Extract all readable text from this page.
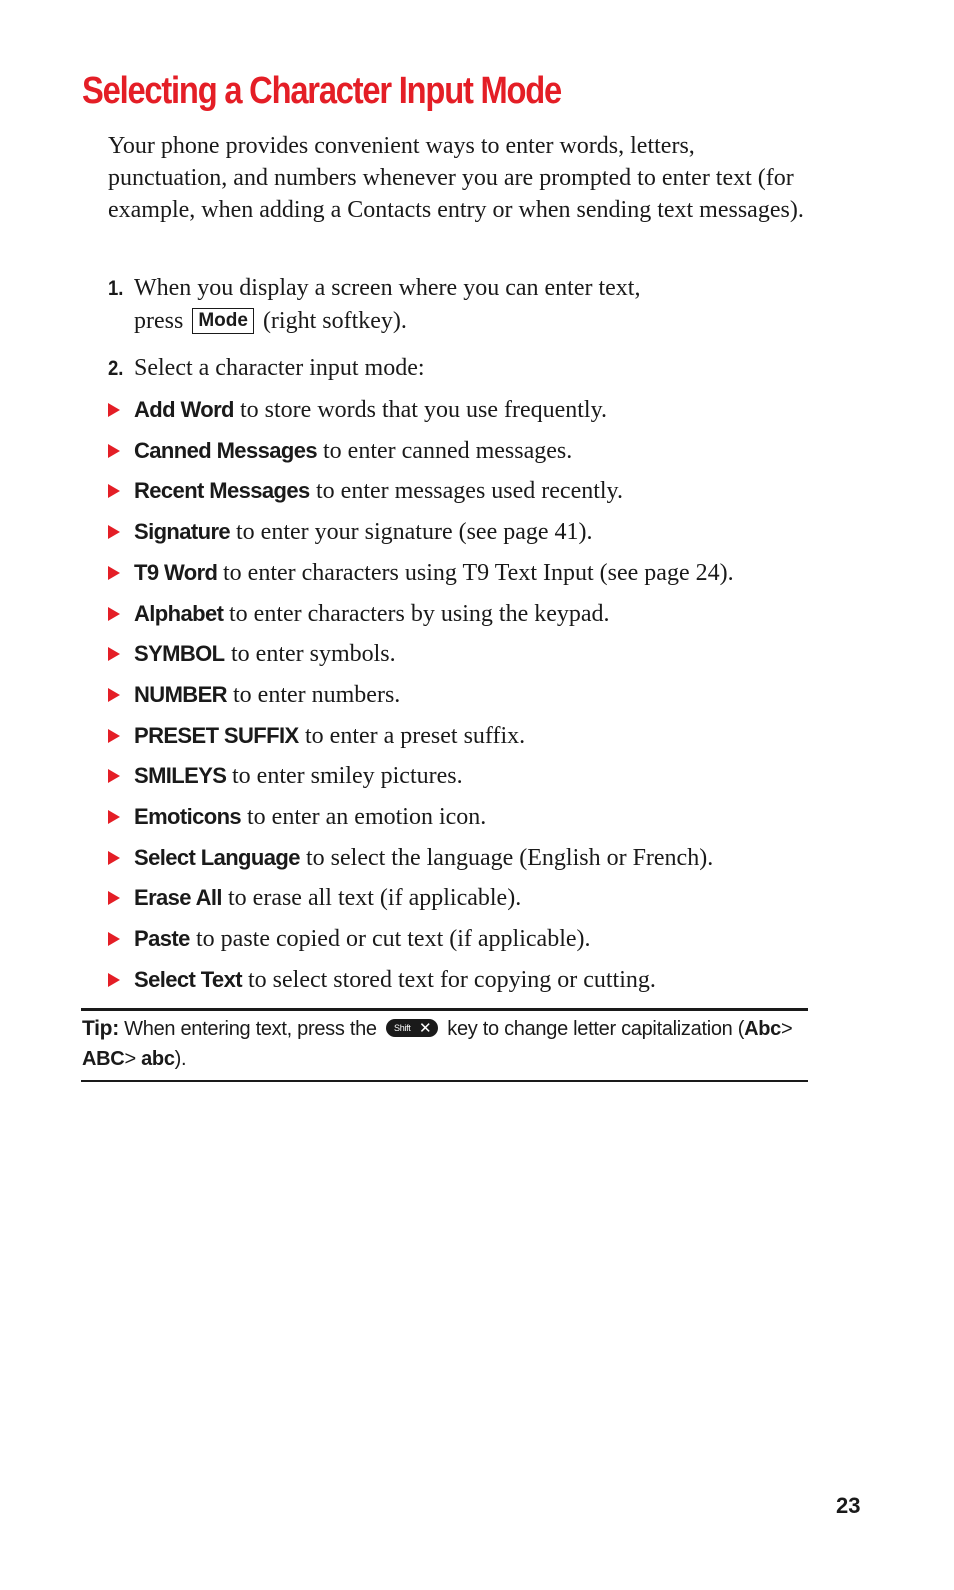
Selecting a Character Input Mode
Your phone provides convenient ways to enter words, letters, punctuation, and numbers whenever you are prompted to enter text (for example, when adding a Contacts entry or when sending text messages).
1. When you display a screen where you can enter text,
press Mode (right softkey).
2. Select a character input mode:
Add Word to store words that you use frequently.
Canned Messages to enter canned messages.
Recent Messages to enter messages used recently.
Signature to enter your signature (see page 41).
T9 Word to enter characters using T9 Text Input (see page 24).
Alphabet to enter characters by using the keypad.
SYMBOL to enter symbols.
NUMBER to enter numbers.
PRESET SUFFIX to enter a preset suffix.
SMILEYS to enter smiley pictures.
Emoticons to enter an emotion icon.
Select Language to select the language (English or French).
Erase All to erase all text (if applicable).
Paste to paste copied or cut text (if applicable).
Select Text to select stored text for copying or cutting.
Tip: When entering text, press the Shift ✕ key to change letter capitalization (Abc> ABC> abc).
23
